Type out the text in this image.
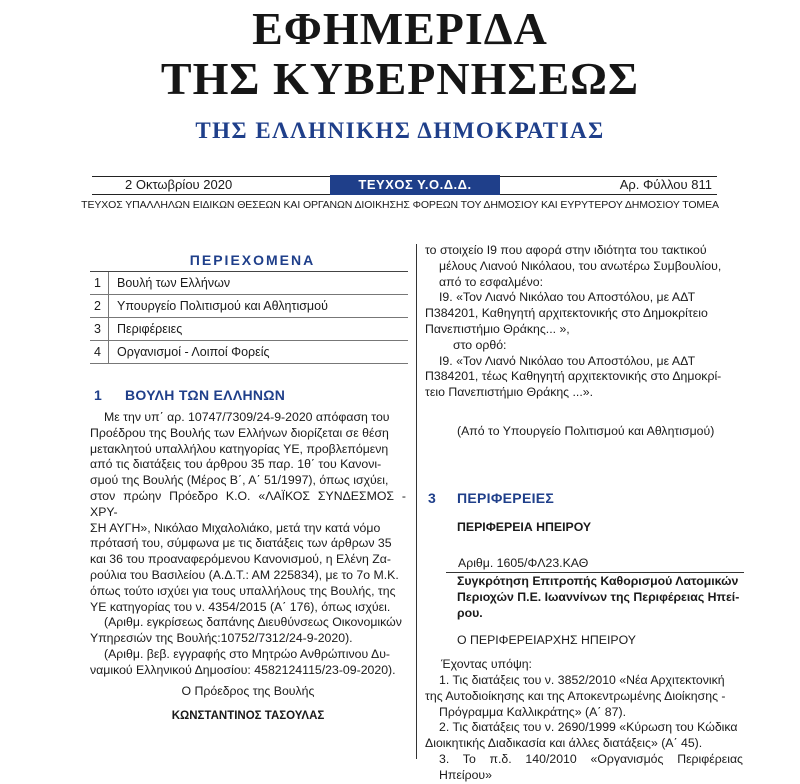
ΕΦΗΜΕΡΙΔΑ
ΤΗΣ ΚΥΒΕΡΝΗΣΕΩΣ
ΤΗΣ ΕΛΛΗΝΙΚΗΣ ΔΗΜΟΚΡΑΤΙΑΣ
2 Οκτωβρίου 2020	ΤΕΥΧΟΣ Υ.Ο.Δ.Δ.	Αρ. Φύλλου 811
ΤΕΥΧΟΣ ΥΠΑΛΛΗΛΩΝ ΕΙΔΙΚΩΝ ΘΕΣΕΩΝ ΚΑΙ ΟΡΓΑΝΩΝ ΔΙΟΙΚΗΣΗΣ ΦΟΡΕΩΝ ΤΟΥ ΔΗΜΟΣΙΟΥ ΚΑΙ ΕΥΡΥΤΕΡΟΥ ΔΗΜΟΣΙΟΥ ΤΟΜΕΑ
ΠΕΡΙΕΧΟΜΕΝΑ
1 Βουλή των Ελλήνων
2 Υπουργείο Πολιτισμού και Αθλητισμού
3 Περιφέρειες
4 Οργανισμοί - Λοιποί Φορείς
1 ΒΟΥΛΗ ΤΩΝ ΕΛΛΗΝΩΝ
Με την υπ΄ αρ. 10747/7309/24-9-2020 απόφαση του
Προέδρου της Βουλής των Ελλήνων διορίζεται σε θέση
μετακλητού υπαλλήλου κατηγορίας ΥΕ, προβλεπόμενη
από τις διατάξεις του άρθρου 35 παρ. 1θ΄ του Κανονι-
σμού της Βουλής (Μέρος Β΄, Α΄ 51/1997), όπως ισχύει,
στον πρώην Πρόεδρο Κ.Ο. «ΛΑΪΚΟΣ ΣΥΝΔΕΣΜΟΣ - ΧΡΥ-
ΣΗ ΑΥΓΗ», Νικόλαο Μιχαλολιάκο, μετά την κατά νόμο
πρότασή του, σύμφωνα με τις διατάξεις των άρθρων 35
και 36 του προαναφερόμενου Κανονισμού, η Ελένη Ζα-
ρούλια του Βασιλείου (Α.Δ.Τ.: ΑΜ 225834), με το 7ο Μ.Κ.
όπως τούτο ισχύει για τους υπαλλήλους της Βουλής, της
ΥΕ κατηγορίας του ν. 4354/2015 (Α΄ 176), όπως ισχύει.
(Αριθμ. εγκρίσεως δαπάνης Διευθύνσεως Οικονομικών
Υπηρεσιών της Βουλής:10752/7312/24-9-2020).
(Αριθμ. βεβ. εγγραφής στο Μητρώο Ανθρώπινου Δυ-
ναμικού Ελληνικού Δημοσίου: 4582124115/23-09-2020).
Ο Πρόεδρος της Βουλής
ΚΩΝΣΤΑΝΤΙΝΟΣ ΤΑΣΟΥΛΑΣ
το στοιχείο Ι9 που αφορά στην ιδιότητα του τακτικού
μέλους Λιανού Νικόλαου, του ανωτέρω Συμβουλίου,
από το εσφαλμένο:
Ι9. «Τον Λιανό Νικόλαο του Αποστόλου, με ΑΔΤ
Π384201, Καθηγητή αρχιτεκτονικής στο Δημοκρίτειο
Πανεπιστήμιο Θράκης... »,
στο ορθό:
Ι9. «Τον Λιανό Νικόλαο του Αποστόλου, με ΑΔΤ
Π384201, τέως Καθηγητή αρχιτεκτονικής στο Δημοκρί-
τειο Πανεπιστήμιο Θράκης ...».
(Από το Υπουργείο Πολιτισμού και Αθλητισμού)
3 ΠΕΡΙΦΕΡΕΙΕΣ
ΠΕΡΙΦΕΡΕΙΑ ΗΠΕΙΡΟΥ
Αριθμ. 1605/ΦΛ23.ΚΑΘ
Συγκρότηση Επιτροπής Καθορισμού Λατομικών
Περιοχών Π.Ε. Ιωαννίνων της Περιφέρειας Ηπεί-
ρου.
Ο ΠΕΡΙΦΕΡΕΙΑΡΧΗΣ ΗΠΕΙΡΟΥ
Έχοντας υπόψη:
1. Τις διατάξεις του ν. 3852/2010 «Νέα Αρχιτεκτονική
της Αυτοδιοίκησης και της Αποκεντρωμένης Διοίκησης -
Πρόγραμμα Καλλικράτης» (Α΄ 87).
2. Τις διατάξεις του ν. 2690/1999 «Κύρωση του Κώδικα
Διοικητικής Διαδικασία και άλλες διατάξεις» (Α΄ 45).
3. Το π.δ. 140/2010 «Οργανισμός Περιφέρειας Ηπείρου»
